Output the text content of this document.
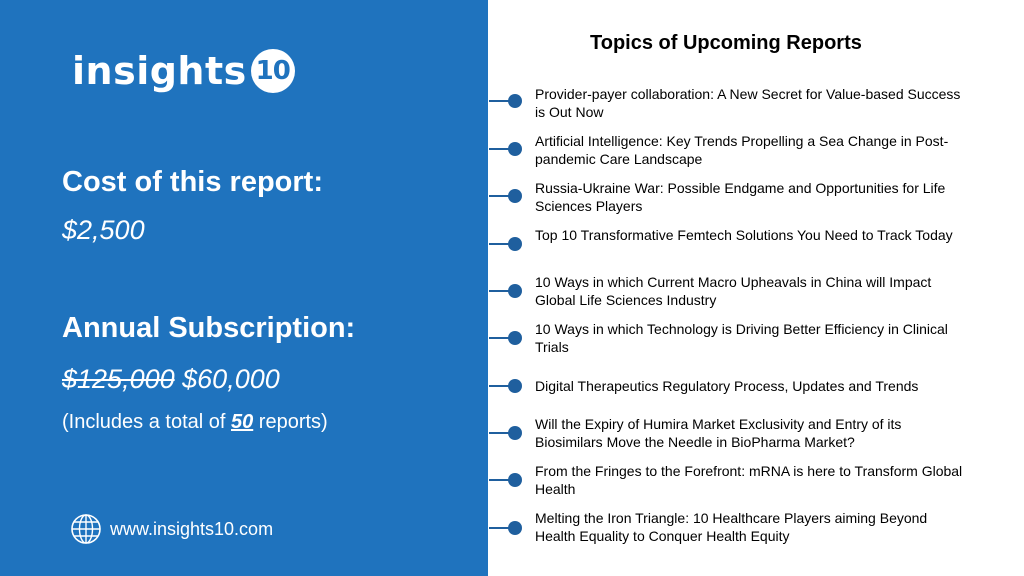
insights 10
Cost of this report:
$2,500
Annual Subscription:
$125,000 $60,000
(Includes a total of 50 reports)
www.insights10.com
Topics of Upcoming Reports
Provider-payer collaboration: A New Secret for Value-based Success is Out Now
Artificial Intelligence: Key Trends Propelling a Sea Change in Post-pandemic Care Landscape
Russia-Ukraine War: Possible Endgame and Opportunities for Life Sciences Players
Top 10 Transformative Femtech Solutions You Need to Track Today
10 Ways in which Current Macro Upheavals in China will Impact Global Life Sciences Industry
10 Ways in which Technology is Driving Better Efficiency in Clinical Trials
Digital Therapeutics Regulatory Process, Updates and Trends
Will the Expiry of Humira Market Exclusivity and Entry of its Biosimilars Move the Needle in BioPharma Market?
From the Fringes to the Forefront: mRNA is here to Transform Global Health
Melting the Iron Triangle: 10 Healthcare Players aiming Beyond Health Equality to Conquer Health Equity
